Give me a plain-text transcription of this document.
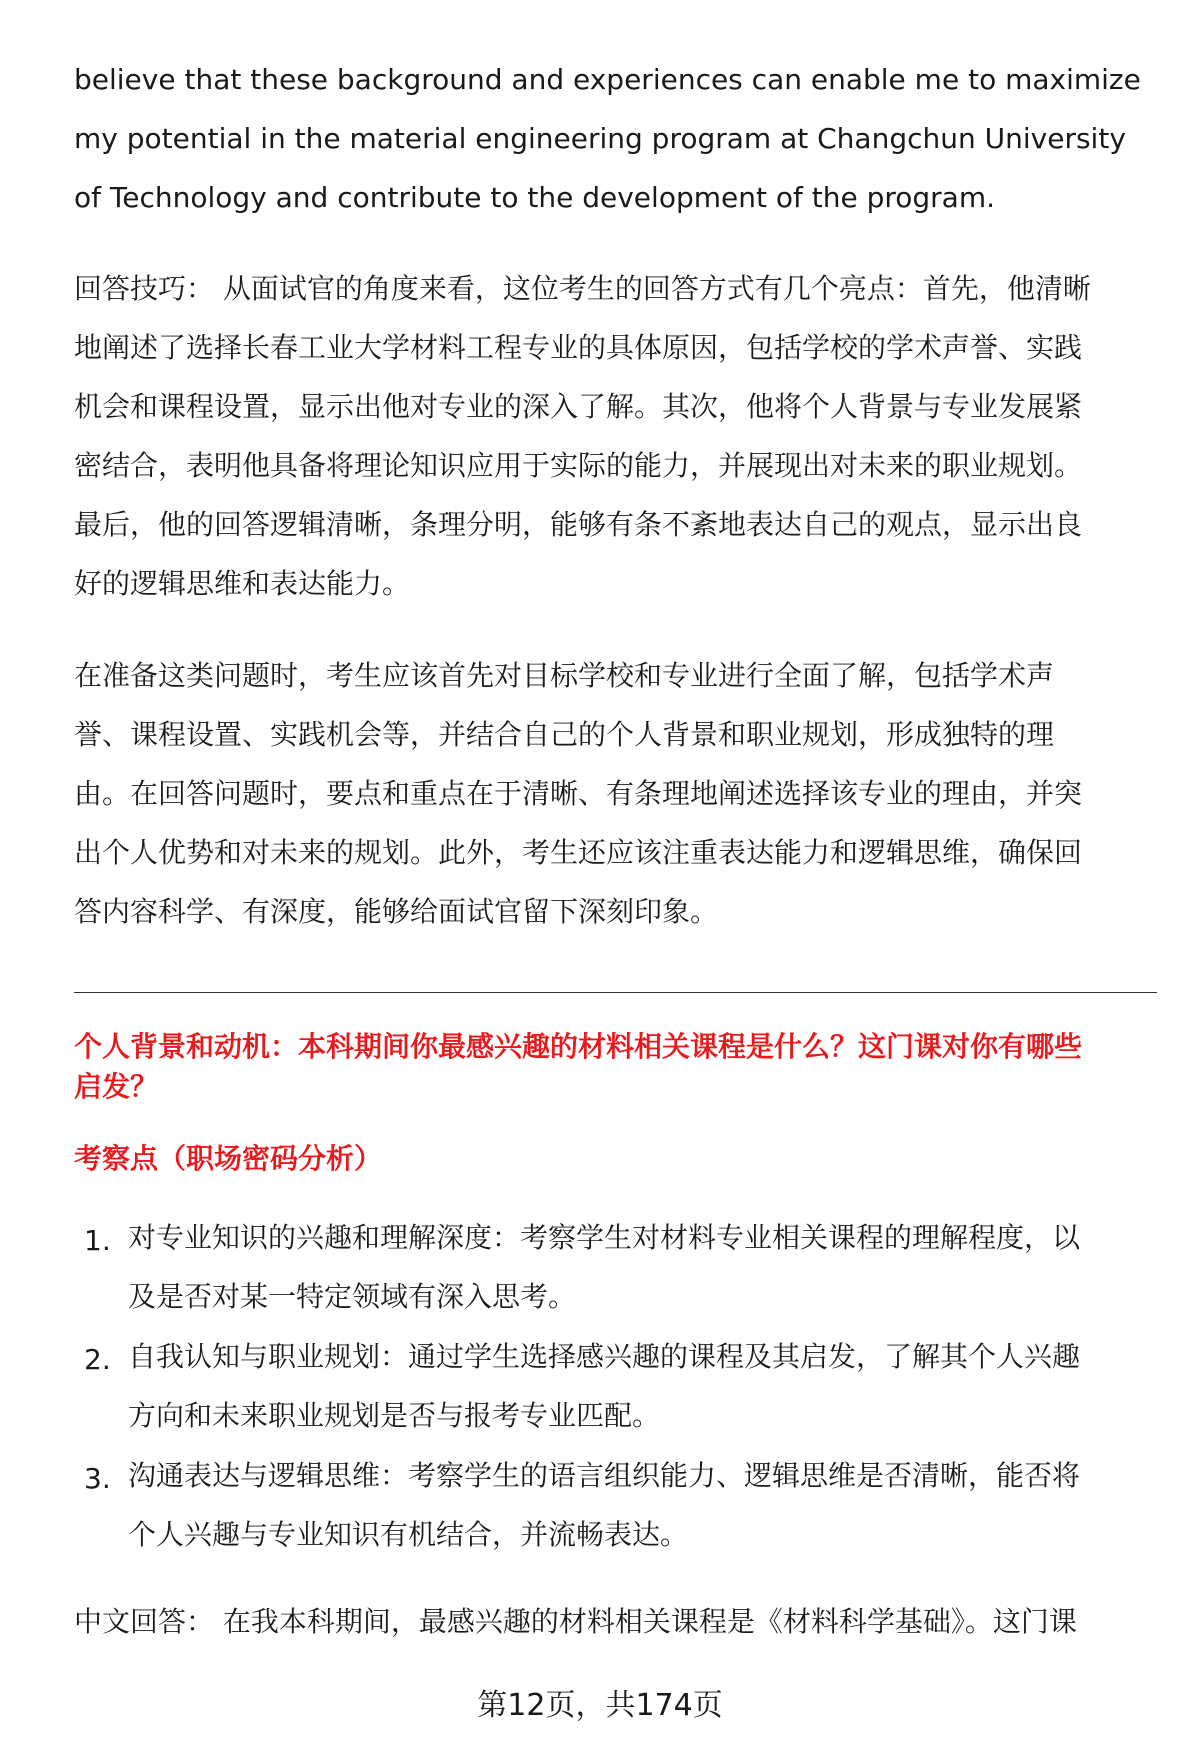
believe that these background and experiences can enable me to maximize
my potential in the material engineering program at Changchun University
of Technology and contribute to the development of the program.
回答技巧： 从面试官的角度来看，这位考生的回答方式有几个亮点：首先，他清晰
地阐述了选择长春工业大学材料工程专业的具体原因，包括学校的学术声誉、实践
机会和课程设置，显示出他对专业的深入了解。其次，他将个人背景与专业发展紧
密结合，表明他具备将理论知识应用于实际的能力，并展现出对未来的职业规划。
最后，他的回答逻辑清晰，条理分明，能够有条不紊地表达自己的观点，显示出良
好的逻辑思维和表达能力。
在准备这类问题时，考生应该首先对目标学校和专业进行全面了解，包括学术声
誉、课程设置、实践机会等，并结合自己的个人背景和职业规划，形成独特的理
由。在回答问题时，要点和重点在于清晰、有条理地阐述选择该专业的理由，并突
出个人优势和对未来的规划。此外，考生还应该注重表达能力和逻辑思维，确保回
答内容科学、有深度，能够给面试官留下深刻印象。
个人背景和动机：本科期间你最感兴趣的材料相关课程是什么？这门课对你有哪些
启发？
考察点（职场密码分析）
1. 对专业知识的兴趣和理解深度：考察学生对材料专业相关课程的理解程度，以
及是否对某一特定领域有深入思考。
2. 自我认知与职业规划：通过学生选择感兴趣的课程及其启发，了解其个人兴趣
方向和未来职业规划是否与报考专业匹配。
3. 沟通表达与逻辑思维：考察学生的语言组织能力、逻辑思维是否清晰，能否将
个人兴趣与专业知识有机结合，并流畅表达。
中文回答： 在我本科期间，最感兴趣的材料相关课程是《材料科学基础》。这门课
第12页，共174页
